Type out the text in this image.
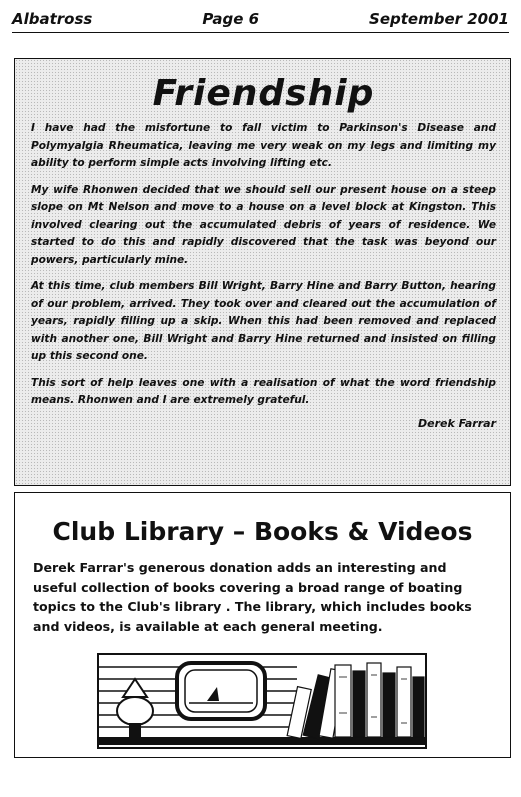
Albatross	Page 6	September 2001
Friendship

I have had the misfortune to fall victim to Parkinson's Disease and Polymyalgia Rheumatica, leaving me very weak on my legs and limiting my ability to perform simple acts involving lifting etc.

My wife Rhonwen decided that we should sell our present house on a steep slope on Mt Nelson and move to a house on a level block at Kingston. This involved clearing out the accumulated debris of years of residence. We started to do this and rapidly discovered that the task was beyond our powers, particularly mine.

At this time, club members Bill Wright, Barry Hine and Barry Button, hearing of our problem, arrived. They took over and cleared out the accumulation of years, rapidly filling up a skip. When this had been removed and replaced with another one, Bill Wright and Barry Hine returned and insisted on filling up this second one.

This sort of help leaves one with a realisation of what the word friendship means. Rhonwen and I are extremely grateful.

Derek Farrar
Club Library – Books & Videos

Derek Farrar's generous donation adds an interesting and useful collection of books covering a broad range of boating topics to the Club's library . The library, which includes books and videos, is available at each general meeting.
